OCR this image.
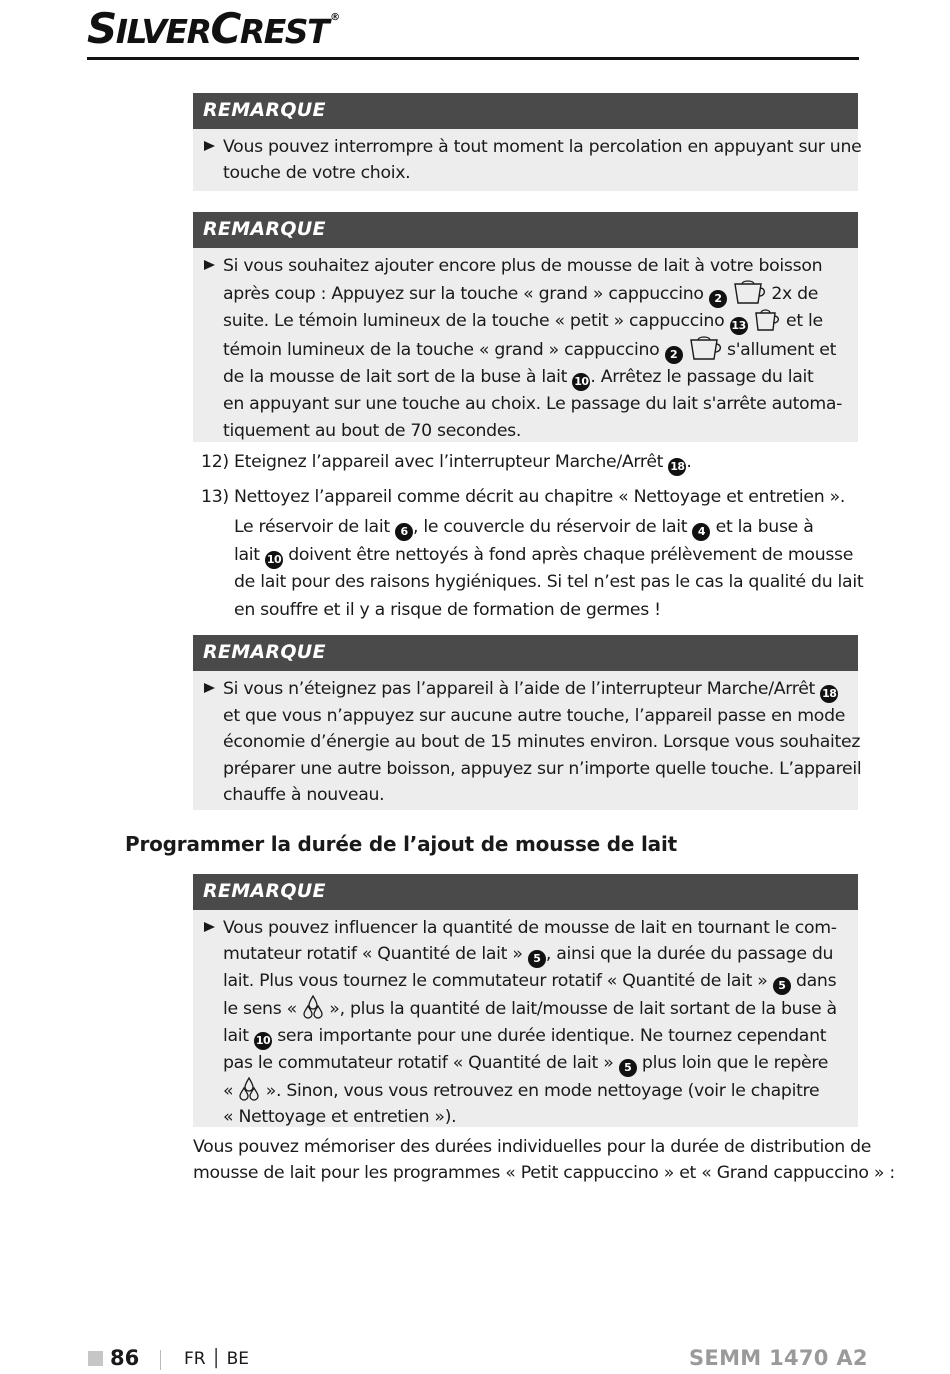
SILVERCREST ®
REMARQUE

Vous pouvez interrompre à tout moment la percolation en appuyant sur une

touche de votre choix.

REMARQUE

Si vous souhaitez ajouter encore plus de mousse de lait à votre boisson

après coup : Appuyez sur la touche « grand » cappuccino 2	2x de

suite. Le témoin lumineux de la touche « petit » cappuccino 13 et le

témoin lumineux de la touche « grand » cappuccino 2	s'allument et

de la mousse de lait sort de la buse à lait 10 . Arrêtez le passage du lait

en appuyant sur une touche au choix. Le passage du lait s'arrête automa-

tiquement au bout de 70 secondes.

12) Eteignez l’appareil avec l’interrupteur Marche/Arrêt 18 .

13) Nettoyez l’appareil comme décrit au chapitre « Nettoyage et entretien ».

Le réservoir de lait 6 , le couvercle du réservoir de lait 4 et la buse à

lait 10 doivent être nettoyés à fond après chaque prélèvement de mousse

de lait pour des raisons hygiéniques. Si tel n’est pas le cas la qualité du lait

en souffre et il y a risque de formation de germes !

REMARQUE

Si vous n’éteignez pas l’appareil à l’aide de l’interrupteur Marche/Arrêt 18

et que vous n’appuyez sur aucune autre touche, l’appareil passe en mode

économie d’énergie au bout de 15 minutes environ. Lorsque vous souhaitez

préparer une autre boisson, appuyez sur n’importe quelle touche. L’appareil

chauffe à nouveau.

Programmer la durée de l’ajout de mousse de lait
REMARQUE

Vous pouvez influencer la quantité de mousse de lait en tournant le com-

mutateur rotatif « Quantité de lait » 5 , ainsi que la durée du passage du

lait. Plus vous tournez le commutateur rotatif « Quantité de lait » 5 dans

le sens « », plus la quantité de lait/mousse de lait sortant de la buse à

lait 10 sera importante pour une durée identique. Ne tournez cependant

pas le commutateur rotatif « Quantité de lait » 5 plus loin que le repère

« ». Sinon, vous vous retrouvez en mode nettoyage (voir le chapitre

« Nettoyage et entretien »).

Vous pouvez mémoriser des durées individuelles pour la durée de distribution de

mousse de lait pour les programmes « Petit cappuccino » et « Grand cappuccino » :

86	FR │ BE	SEMM 1470 A2
